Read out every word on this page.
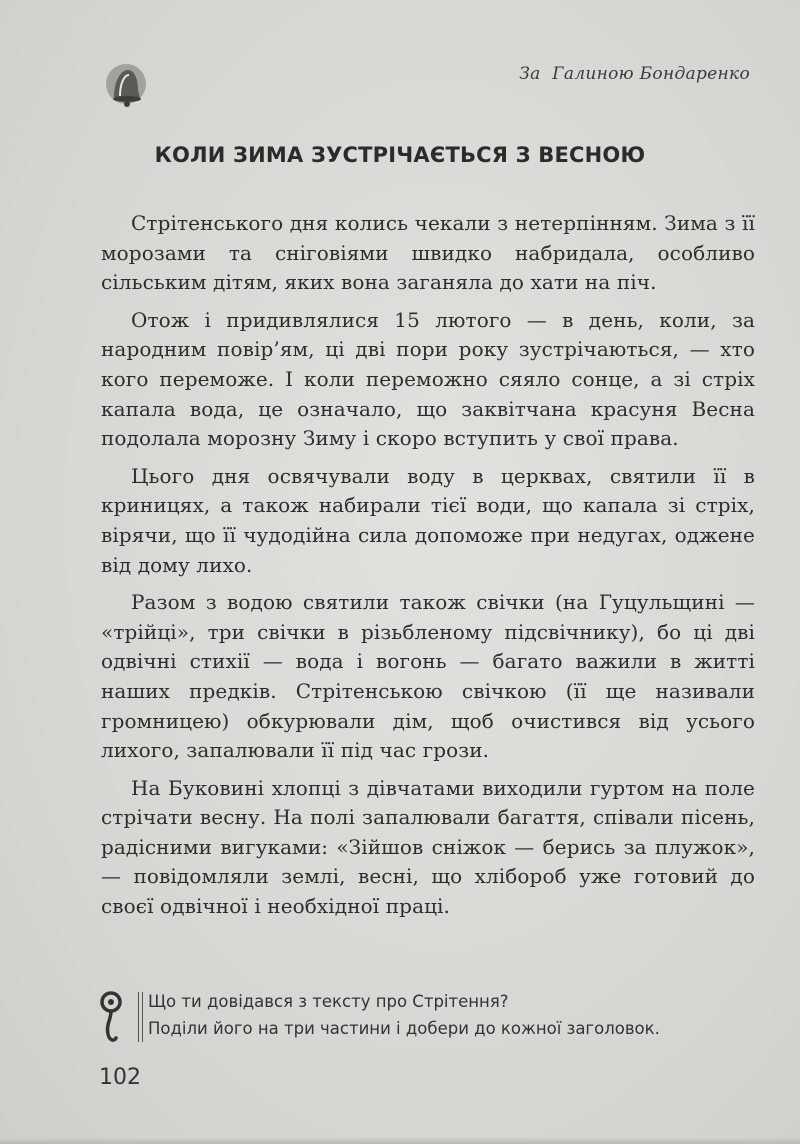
За Галиною Бондаренко
КОЛИ ЗИМА ЗУСТРІЧАЄТЬСЯ З ВЕСНОЮ

Стрітенського дня колись чекали з нетерпінням. Зима з її морозами та сніговіями швидко набридала, особливо сільським дітям, яких вона заганяла до хати на піч.

Отож і придивлялися 15 лютого — в день, коли, за народним повір’ям, ці дві пори року зустрічаються, — хто кого переможе. І коли переможно сяяло сонце, а зі стріх капала вода, це означало, що заквітчана красуня Весна подолала морозну Зиму і скоро вступить у свої права.

Цього дня освячували воду в церквах, святили її в криницях, а також набирали тієї води, що капала зі стріх, вірячи, що її чудодійна сила допоможе при недугах, оджене від дому лихо.

Разом з водою святили також свічки (на Гуцульщині — «трійці», три свічки в різьбленому підсвічнику), бо ці дві одвічні стихії — вода і вогонь — багато важили в житті наших предків. Стрітенською свічкою (її ще називали громницею) обкурювали дім, щоб очистився від усього лихого, запалювали її під час грози.

На Буковині хлопці з дівчатами виходили гуртом на поле стрічати весну. На полі запалювали багаття, співали пісень, радісними вигуками: «Зійшов сніжок — берись за плужок», — повідомляли землі, весні, що хлібороб уже готовий до своєї одвічної і необхідної праці.

Що ти довідався з тексту про Стрітення?
Поділи його на три частини і добери до кожної заголовок.
102
